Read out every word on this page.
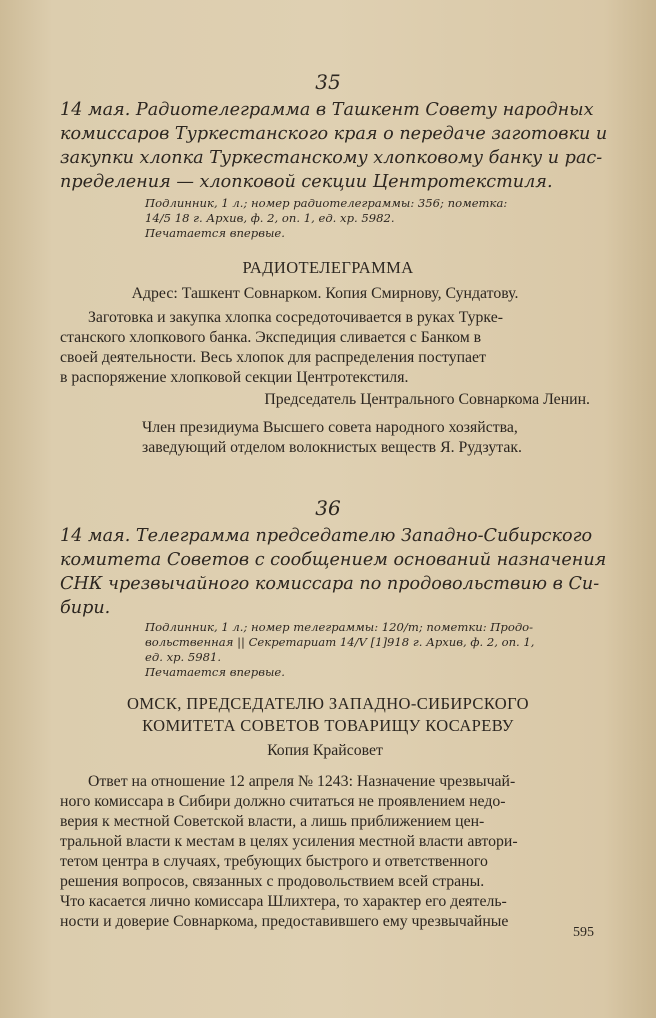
35
14 мая. Радиотелеграмма в Ташкент Совету народных
комиссаров Туркестанского края о передаче заготовки и
закупки хлопка Туркестанскому хлопковому банку и рас-
пределения — хлопковой секции Центротекстиля.
Подлинник, 1 л.; номер радиотелеграммы: 356; пометка:
14/5 18 г. Архив, ф. 2, оп. 1, ед. хр. 5982.
Печатается впервые.
РАДИОТЕЛЕГРАММА
Адрес: Ташкент Совнарком. Копия Смирнову, Сундатову.
Заготовка и закупка хлопка сосредоточивается в руках Турке-
станского хлопкового банка. Экспедиция сливается с Банком в
своей деятельности. Весь хлопок для распределения поступает
в распоряжение хлопковой секции Центротекстиля.
Председатель Центрального Совнаркома Ленин.
Член президиума Высшего совета народного хозяйства,
заведующий отделом волокнистых веществ Я. Рудзутак.
36
14 мая. Телеграмма председателю Западно-Сибирского
комитета Советов с сообщением оснований назначения
СНК чрезвычайного комиссара по продовольствию в Си-
бири.
Подлинник, 1 л.; номер телеграммы: 120/т; пометки: Продо-
вольственная || Секретариат 14/V [1]918 г. Архив, ф. 2, оп. 1,
ед. хр. 5981.
Печатается впервые.
ОМСК, ПРЕДСЕДАТЕЛЮ ЗАПАДНО-СИБИРСКОГО
КОМИТЕТА СОВЕТОВ ТОВАРИЩУ КОСАРЕВУ
Копия Крайсовет
Ответ на отношение 12 апреля № 1243: Назначение чрезвычай-
ного комиссара в Сибири должно считаться не проявлением недо-
верия к местной Советской власти, а лишь приближением цен-
тральной власти к местам в целях усиления местной власти автори-
тетом центра в случаях, требующих быстрого и ответственного
решения вопросов, связанных с продовольствием всей страны.
Что касается лично комиссара Шлихтера, то характер его деятель-
ности и доверие Совнаркома, предоставившего ему чрезвычайные
595
